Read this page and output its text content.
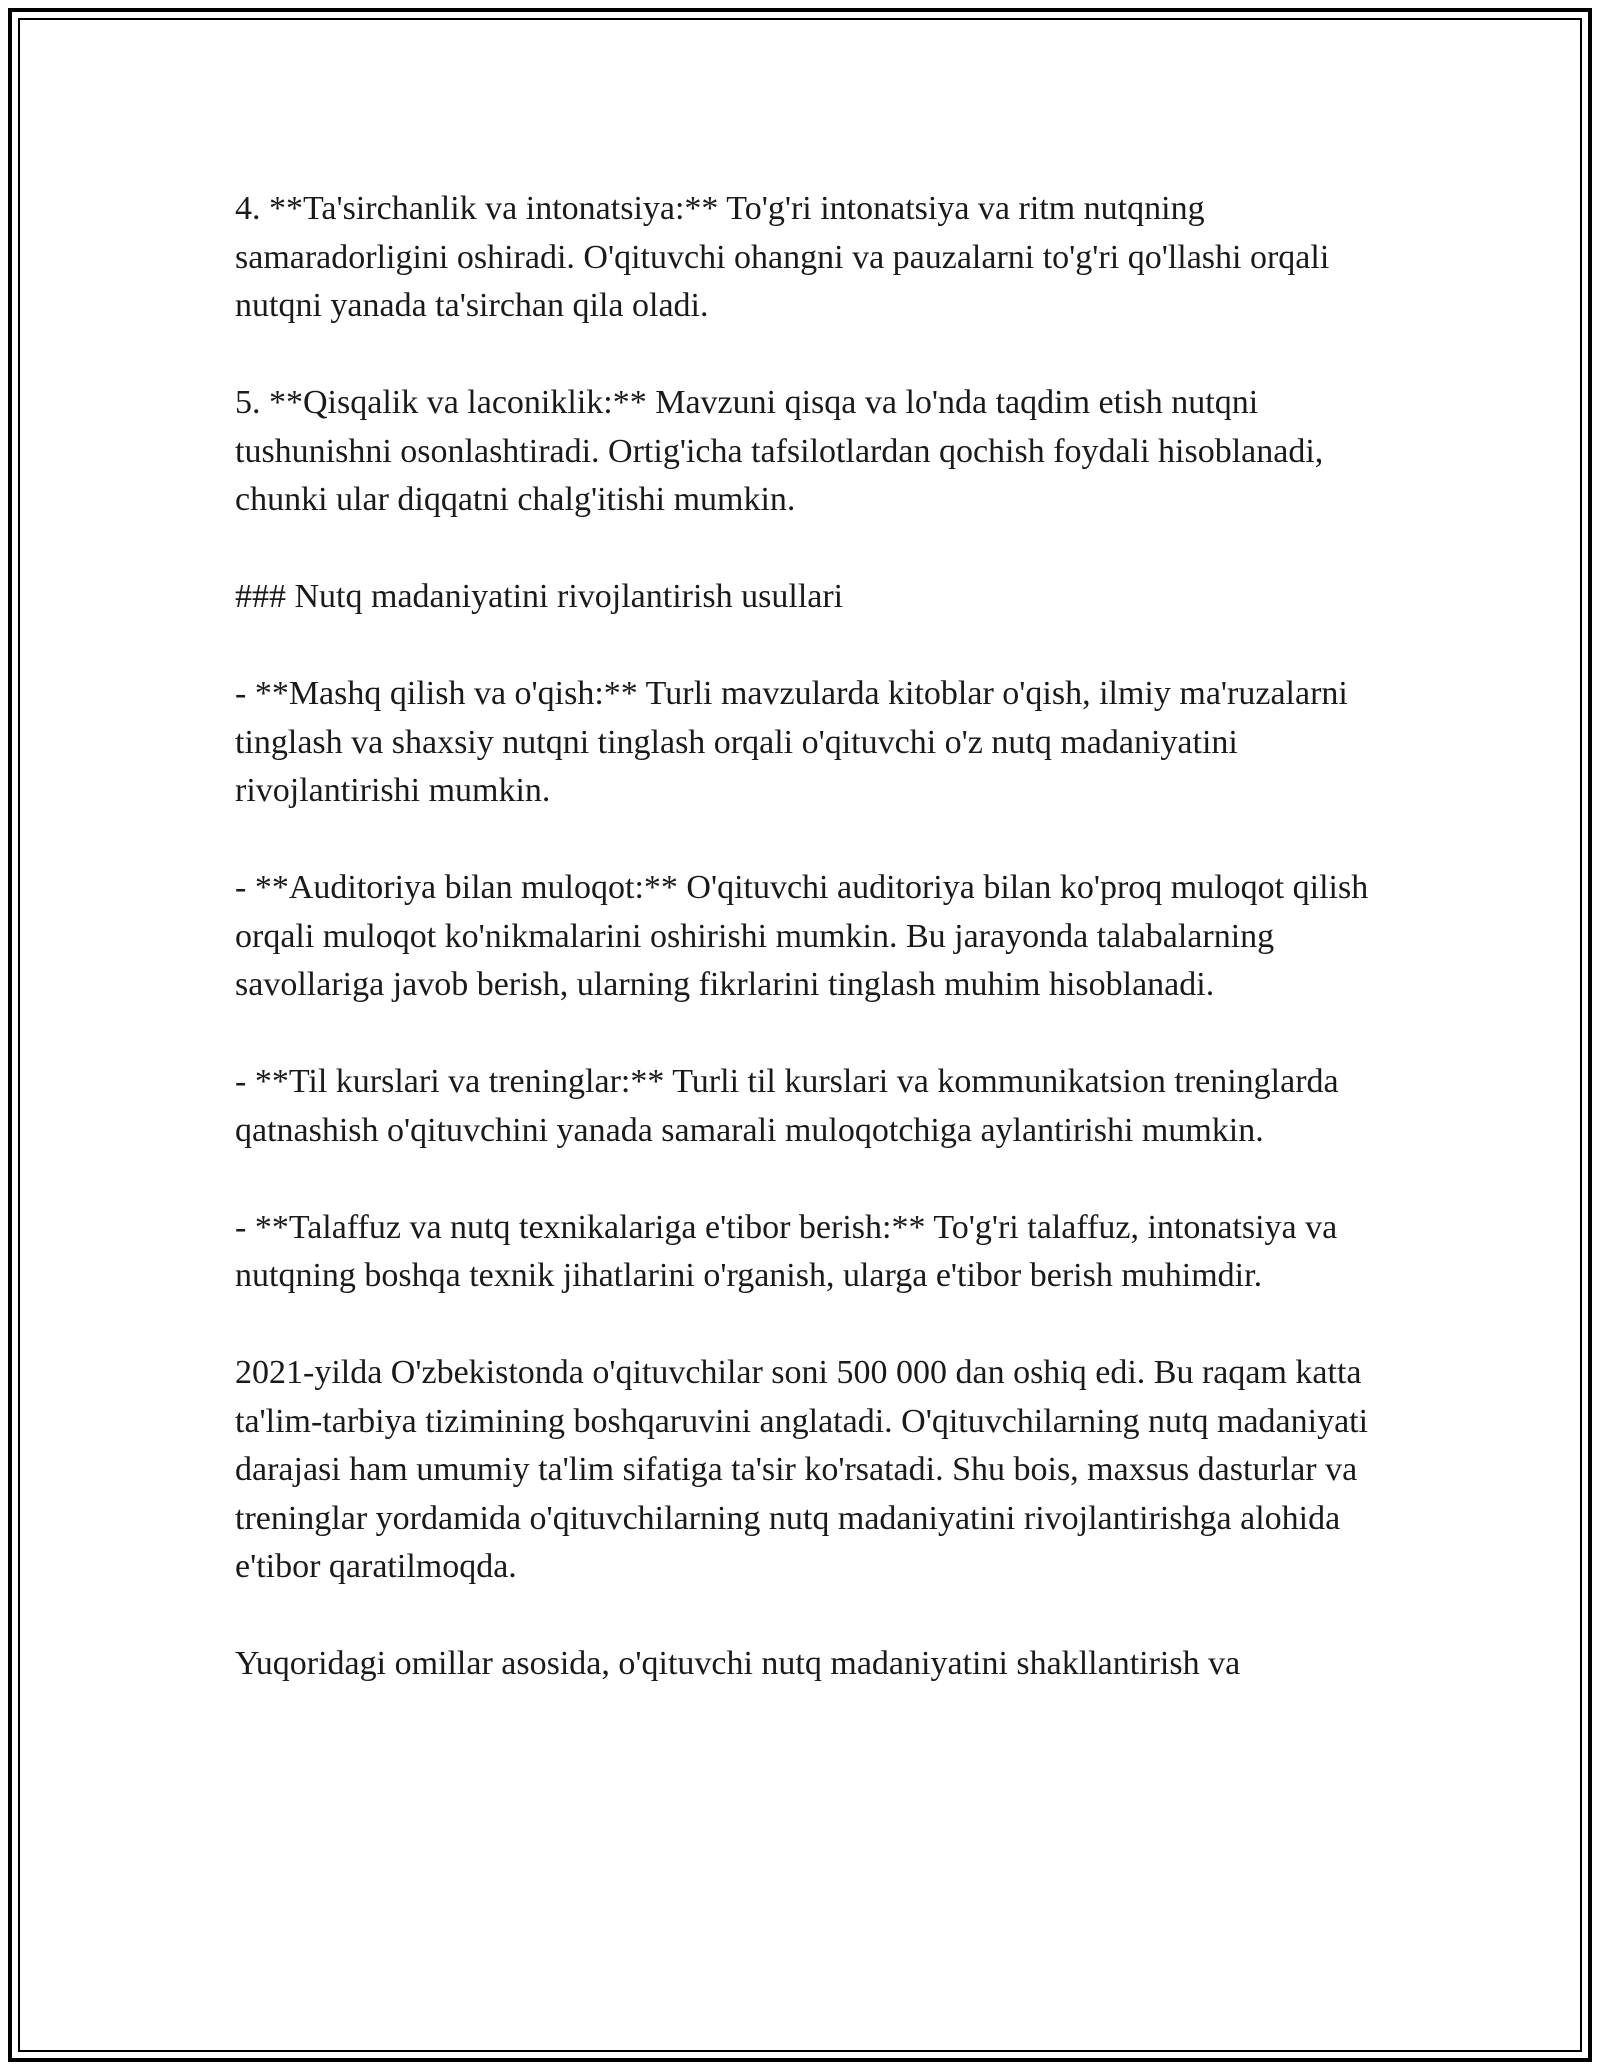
4. **Ta'sirchanlik va intonatsiya:** To'g'ri intonatsiya va ritm nutqning samaradorligini oshiradi. O'qituvchi ohangni va pauzalarni to'g'ri qo'llashi orqali nutqni yanada ta'sirchan qila oladi.

5. **Qisqalik va laconiklik:** Mavzuni qisqa va lo'nda taqdim etish nutqni tushunishni osonlashtiradi. Ortig'icha tafsilotlardan qochish foydali hisoblanadi, chunki ular diqqatni chalg'itishi mumkin.

### Nutq madaniyatini rivojlantirish usullari

- **Mashq qilish va o'qish:** Turli mavzularda kitoblar o'qish, ilmiy ma'ruzalarni tinglash va shaxsiy nutqni tinglash orqali o'qituvchi o'z nutq madaniyatini rivojlantirishi mumkin.

- **Auditoriya bilan muloqot:** O'qituvchi auditoriya bilan ko'proq muloqot qilish orqali muloqot ko'nikmalarini oshirishi mumkin. Bu jarayonda talabalarning savollariga javob berish, ularning fikrlarini tinglash muhim hisoblanadi.

- **Til kurslari va treninglar:** Turli til kurslari va kommunikatsion treninglarda qatnashish o'qituvchini yanada samarali muloqotchiga aylantirishi mumkin.

- **Talaffuz va nutq texnikalariga e'tibor berish:** To'g'ri talaffuz, intonatsiya va nutqning boshqa texnik jihatlarini o'rganish, ularga e'tibor berish muhimdir.

2021-yilda O'zbekistonda o'qituvchilar soni 500 000 dan oshiq edi. Bu raqam katta ta'lim-tarbiya tizimining boshqaruvini anglatadi. O'qituvchilarning nutq madaniyati darajasi ham umumiy ta'lim sifatiga ta'sir ko'rsatadi. Shu bois, maxsus dasturlar va treninglar yordamida o'qituvchilarning nutq madaniyatini rivojlantirishga alohida e'tibor qaratilmoqda.

Yuqoridagi omillar asosida, o'qituvchi nutq madaniyatini shakllantirish va
